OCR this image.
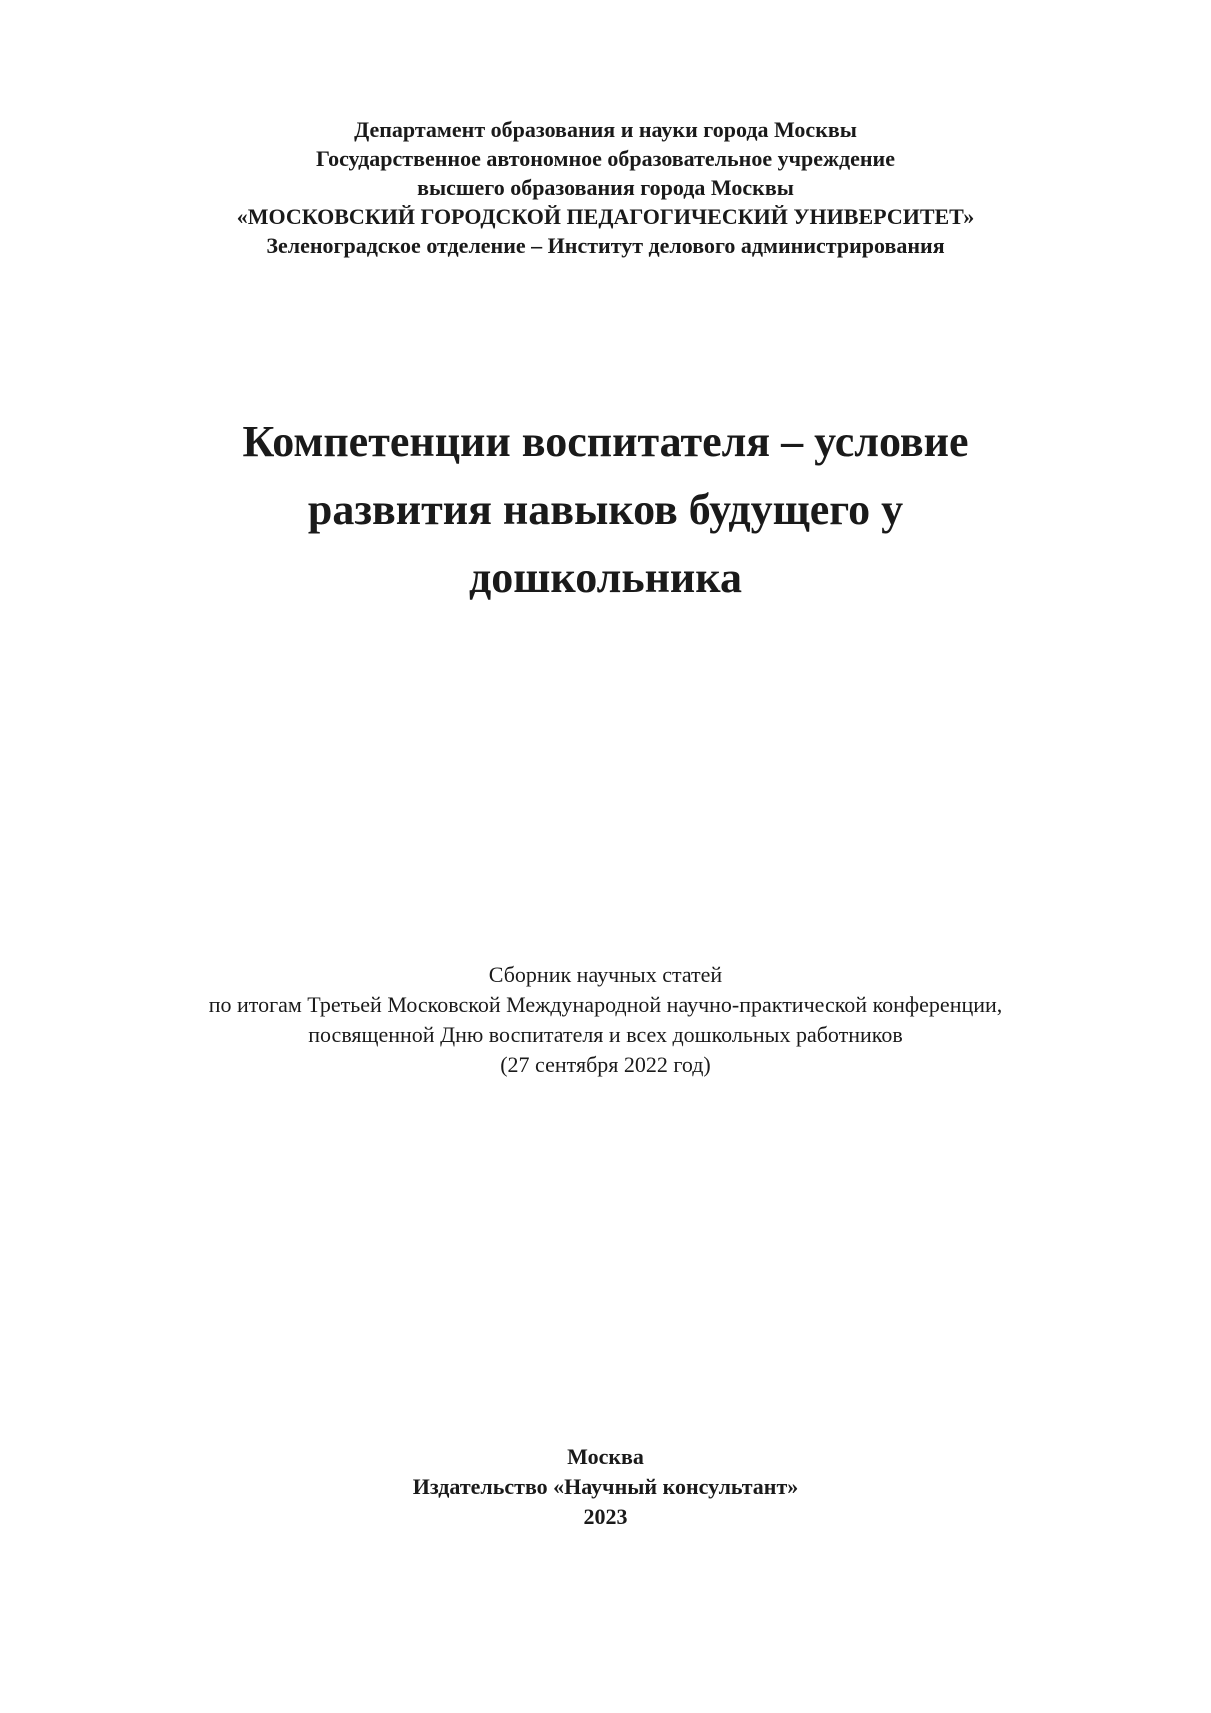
Департамент образования и науки города Москвы
Государственное автономное образовательное учреждение
высшего образования города Москвы
«МОСКОВСКИЙ ГОРОДСКОЙ ПЕДАГОГИЧЕСКИЙ УНИВЕРСИТЕТ»
Зеленоградское отделение – Институт делового администрирования
Компетенции воспитателя – условие
развития навыков будущего у
дошкольника
Сборник научных статей
по итогам Третьей Московской Международной научно-практической конференции,
посвященной Дню воспитателя и всех дошкольных работников
(27 сентября 2022 год)
Москва
Издательство «Научный консультант»
2023
